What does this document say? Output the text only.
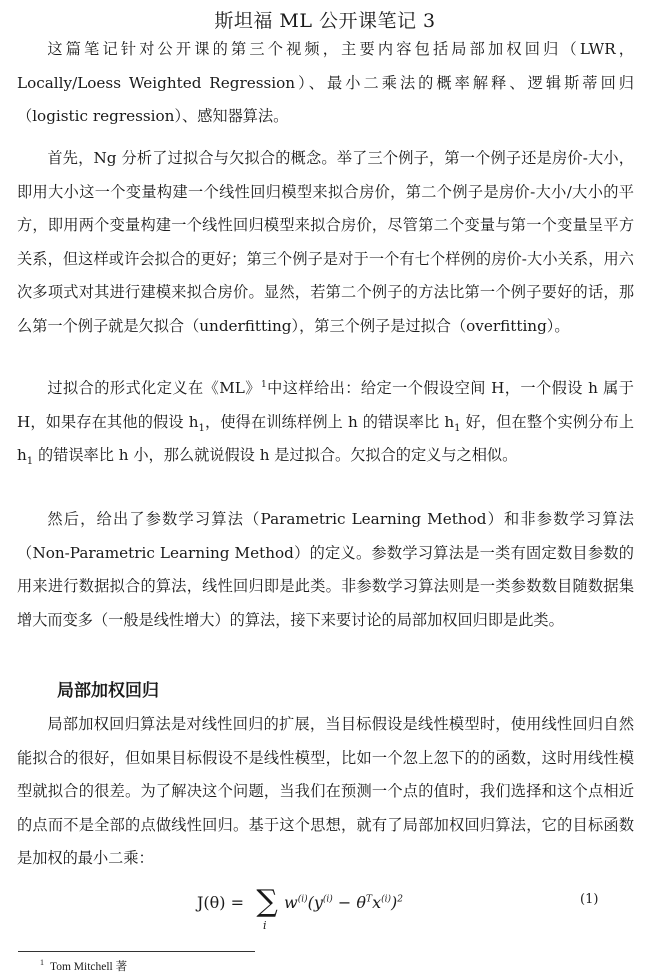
斯坦福 ML 公开课笔记 3

这篇笔记针对公开课的第三个视频，主要内容包括局部加权回归（LWR，Locally/Loess Weighted Regression）、最小二乘法的概率解释、逻辑斯蒂回归（logistic regression）、感知器算法。

首先，Ng 分析了过拟合与欠拟合的概念。举了三个例子，第一个例子还是房价-大小，即用大小这一个变量构建一个线性回归模型来拟合房价，第二个例子是房价-大小/大小的平方，即用两个变量构建一个线性回归模型来拟合房价，尽管第二个变量与第一个变量呈平方关系，但这样或许会拟合的更好；第三个例子是对于一个有七个样例的房价-大小关系，用六次多项式对其进行建模来拟合房价。显然，若第二个例子的方法比第一个例子要好的话，那么第一个例子就是欠拟合（underfitting），第三个例子是过拟合（overfitting）。

过拟合的形式化定义在《ML》$^1$中这样给出：给定一个假设空间 H，一个假设 h 属于 H，如果存在其他的假设 $h_1$，使得在训练样例上 h 的错误率比 $h_1$ 好，但在整个实例分布上 $h_1$ 的错误率比 h 小，那么就说假设 h 是过拟合。欠拟合的定义与之相似。

然后，给出了参数学习算法（Parametric Learning Method）和非参数学习算法（Non-Parametric Learning Method）的定义。参数学习算法是一类有固定数目参数的用来进行数据拟合的算法，线性回归即是此类。非参数学习算法则是一类参数数目随数据集增大而变多（一般是线性增大）的算法，接下来要讨论的局部加权回归即是此类。

局部加权回归

局部加权回归算法是对线性回归的扩展，当目标假设是线性模型时，使用线性回归自然能拟合的很好，但如果目标假设不是线性模型，比如一个忽上忽下的的函数，这时用线性模型就拟合的很差。为了解决这个问题，当我们在预测一个点的值时，我们选择和这个点相近的点而不是全部的点做线性回归。基于这个思想，就有了局部加权回归算法，它的目标函数是加权的最小二乘：

J(θ) = ∑
i
$w^{(i)}(y^{(i)} - \theta^Tx^{(i)})^2$	(1)
$^1$ Tom Mitchell 著
